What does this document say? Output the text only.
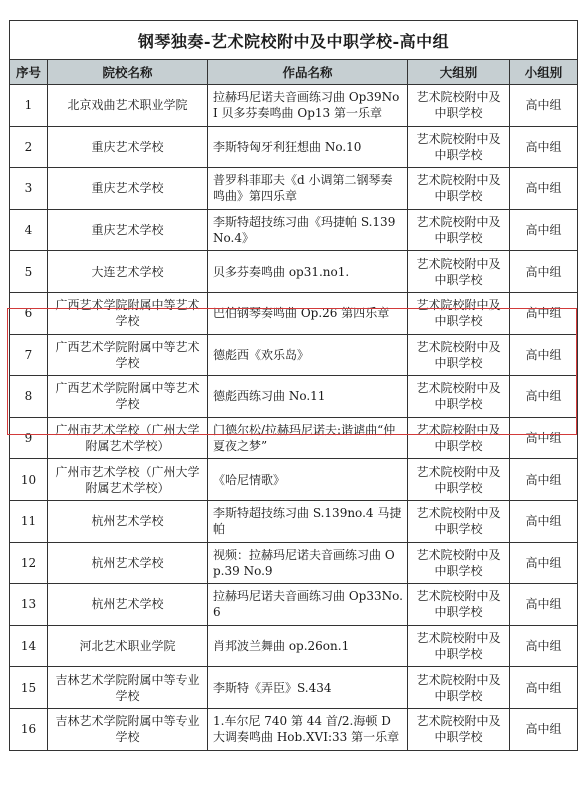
钢琴独奏-艺术院校附中及中职学校-高中组				
序号	院校名称	作品名称	大组别	小组别
1	北京戏曲艺术职业学院	拉赫玛尼诺夫音画练习曲 Op39NoI 贝多芬奏鸣曲 Op13 第一乐章	艺术院校附中及中职学校	高中组
2	重庆艺术学校	李斯特匈牙利狂想曲 No.10	艺术院校附中及中职学校	高中组
3	重庆艺术学校	普罗科菲耶夫《d 小调第二钢琴奏鸣曲》第四乐章	艺术院校附中及中职学校	高中组
4	重庆艺术学校	李斯特超技练习曲《玛捷帕 S.139No.4》	艺术院校附中及中职学校	高中组
5	大连艺术学校	贝多芬奏鸣曲 op31.no1.	艺术院校附中及中职学校	高中组
6	广西艺术学院附属中等艺术学校	巴伯钢琴奏鸣曲 Op.26 第四乐章	艺术院校附中及中职学校	高中组
7	广西艺术学院附属中等艺术学校	德彪西《欢乐岛》	艺术院校附中及中职学校	高中组
8	广西艺术学院附属中等艺术学校	德彪西练习曲 No.11	艺术院校附中及中职学校	高中组
9	广州市艺术学校（广州大学附属艺术学校）	门德尔松/拉赫玛尼诺夫:谐谑曲“仲夏夜之梦”	艺术院校附中及中职学校	高中组
10	广州市艺术学校（广州大学附属艺术学校）	《哈尼情歌》	艺术院校附中及中职学校	高中组
11	杭州艺术学校	李斯特超技练习曲 S.139no.4 马捷帕	艺术院校附中及中职学校	高中组
12	杭州艺术学校	视频：拉赫玛尼诺夫音画练习曲 Op.39 No.9	艺术院校附中及中职学校	高中组
13	杭州艺术学校	拉赫玛尼诺夫音画练习曲 Op33No.6	艺术院校附中及中职学校	高中组
14	河北艺术职业学院	肖邦波兰舞曲 op.26on.1	艺术院校附中及中职学校	高中组
15	吉林艺术学院附属中等专业学校	李斯特《弄臣》S.434	艺术院校附中及中职学校	高中组
16	吉林艺术学院附属中等专业学校	1.车尔尼 740 第 44 首/2.海顿 D 大调奏鸣曲 Hob.XVI:33 第一乐章	艺术院校附中及中职学校	高中组
